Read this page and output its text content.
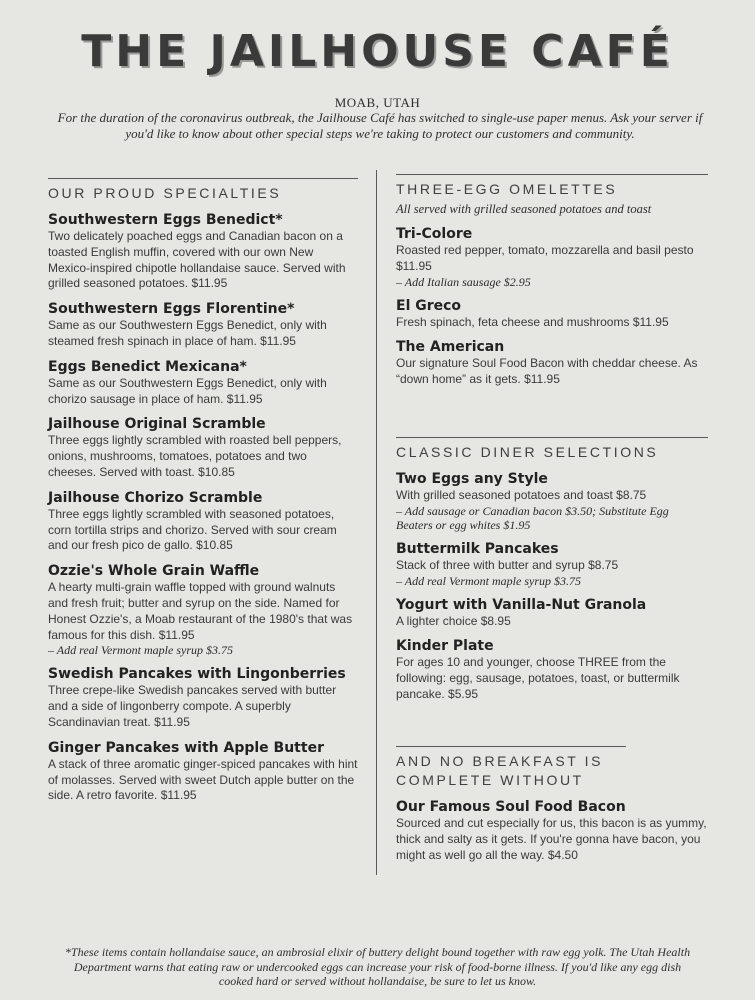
THE JAILHOUSE CAFÉ
MOAB, UTAH
For the duration of the coronavirus outbreak, the Jailhouse Café has switched to single-use paper menus. Ask your server if you'd like to know about other special steps we're taking to protect our customers and community.
OUR PROUD SPECIALTIES
Southwestern Eggs Benedict*
Two delicately poached eggs and Canadian bacon on a toasted English muffin, covered with our own New Mexico-inspired chipotle hollandaise sauce. Served with grilled seasoned potatoes. $11.95
Southwestern Eggs Florentine*
Same as our Southwestern Eggs Benedict, only with steamed fresh spinach in place of ham. $11.95
Eggs Benedict Mexicana*
Same as our Southwestern Eggs Benedict, only with chorizo sausage in place of ham. $11.95
Jailhouse Original Scramble
Three eggs lightly scrambled with roasted bell peppers, onions, mushrooms, tomatoes, potatoes and two cheeses. Served with toast. $10.85
Jailhouse Chorizo Scramble
Three eggs lightly scrambled with seasoned potatoes, corn tortilla strips and chorizo. Served with sour cream and our fresh pico de gallo. $10.85
Ozzie's Whole Grain Waffle
A hearty multi-grain waffle topped with ground walnuts and fresh fruit; butter and syrup on the side. Named for Honest Ozzie's, a Moab restaurant of the 1980's that was famous for this dish. $11.95
– Add real Vermont maple syrup $3.75
Swedish Pancakes with Lingonberries
Three crepe-like Swedish pancakes served with butter and a side of lingonberry compote. A superbly Scandinavian treat. $11.95
Ginger Pancakes with Apple Butter
A stack of three aromatic ginger-spiced pancakes with hint of molasses. Served with sweet Dutch apple butter on the side. A retro favorite. $11.95
THREE-EGG OMELETTES
All served with grilled seasoned potatoes and toast
Tri-Colore
Roasted red pepper, tomato, mozzarella and basil pesto $11.95
– Add Italian sausage $2.95
El Greco
Fresh spinach, feta cheese and mushrooms $11.95
The American
Our signature Soul Food Bacon with cheddar cheese. As “down home” as it gets. $11.95
CLASSIC DINER SELECTIONS
Two Eggs any Style
With grilled seasoned potatoes and toast $8.75
– Add sausage or Canadian bacon $3.50; Substitute Egg Beaters or egg whites $1.95
Buttermilk Pancakes
Stack of three with butter and syrup $8.75
– Add real Vermont maple syrup $3.75
Yogurt with Vanilla-Nut Granola
A lighter choice $8.95
Kinder Plate
For ages 10 and younger, choose THREE from the following: egg, sausage, potatoes, toast, or buttermilk pancake. $5.95
AND NO BREAKFAST IS COMPLETE WITHOUT
Our Famous Soul Food Bacon
Sourced and cut especially for us, this bacon is as yummy, thick and salty as it gets. If you're gonna have bacon, you might as well go all the way. $4.50
*These items contain hollandaise sauce, an ambrosial elixir of buttery delight bound together with raw egg yolk. The Utah Health Department warns that eating raw or undercooked eggs can increase your risk of food-borne illness. If you'd like any egg dish cooked hard or served without hollandaise, be sure to let us know.
